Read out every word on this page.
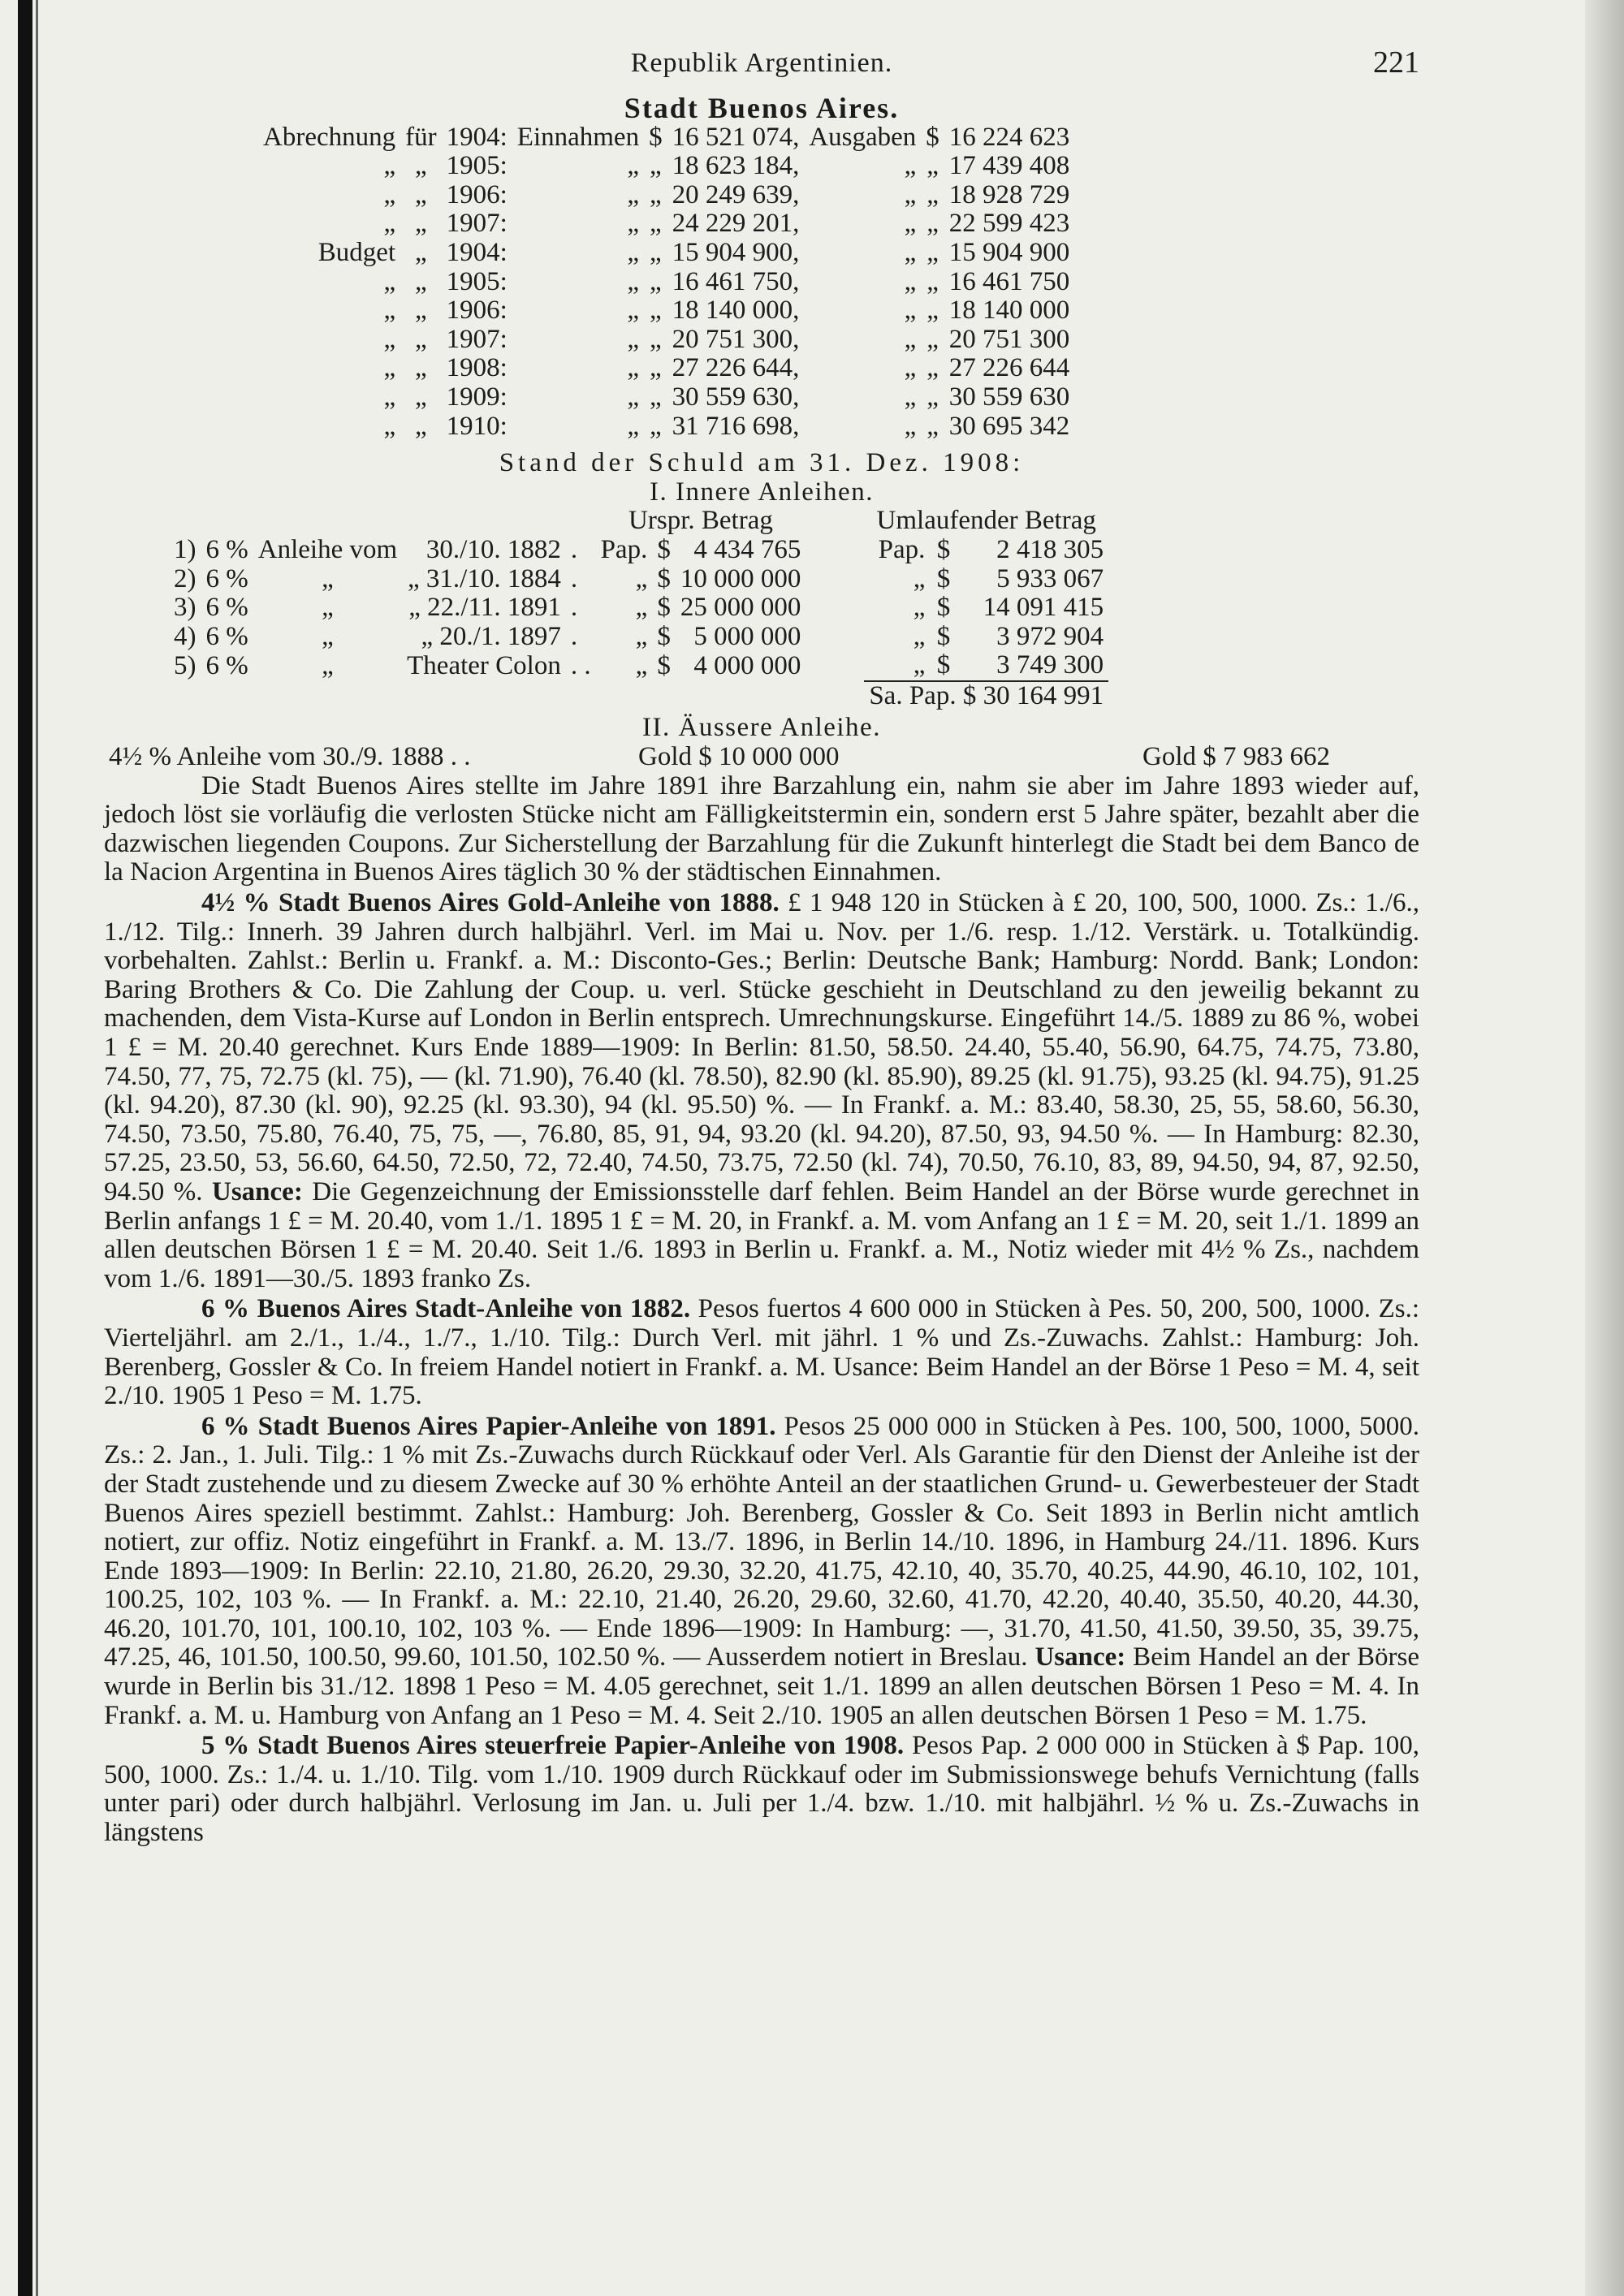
Republik Argentinien.	221
Stadt Buenos Aires.
Abrechnung	für	1904:	Einnahmen	$	16 521 074,	Ausgaben	$	16 224 623
„	„	1905:	„	„	18 623 184,	„	„	17 439 408
„	„	1906:	„	„	20 249 639,	„	„	18 928 729
„	„	1907:	„	„	24 229 201,	„	„	22 599 423
Budget	„	1904:	„	„	15 904 900,	„	„	15 904 900
„	„	1905:	„	„	16 461 750,	„	„	16 461 750
„	„	1906:	„	„	18 140 000,	„	„	18 140 000
„	„	1907:	„	„	20 751 300,	„	„	20 751 300
„	„	1908:	„	„	27 226 644,	„	„	27 226 644
„	„	1909:	„	„	30 559 630,	„	„	30 559 630
„	„	1910:	„	„	31 716 698,	„	„	30 695 342
Stand der Schuld am 31. Dez. 1908:
I. Innere Anleihen.
					Urspr. Betrag				Umlaufender Betrag		
1)	6 %	Anleihe vom	30./10. 1882	.	Pap.	$	4 434 765		Pap.	$	2 418 305
2)	6 %	„	„ 31./10. 1884	.	„	$	10 000 000		„	$	5 933 067
3)	6 %	„	„ 22./11. 1891	.	„	$	25 000 000		„	$	14 091 415
4)	6 %	„	„ 20./1. 1897	.	„	$	5 000 000		„	$	3 972 904
5)	6 %	„	Theater Colon	. .	„	$	4 000 000		„	$	3 749 300
									Sa. Pap. $ 30 164 991		
II. Äussere Anleihe.
4½ % Anleihe vom 30./9. 1888 . .	Gold $ 10 000 000	Gold $ 7 983 662

Die Stadt Buenos Aires stellte im Jahre 1891 ihre Barzahlung ein, nahm sie aber im Jahre 1893 wieder auf, jedoch löst sie vorläufig die verlosten Stücke nicht am Fälligkeitstermin ein, sondern erst 5 Jahre später, bezahlt aber die dazwischen liegenden Coupons. Zur Sicherstellung der Barzahlung für die Zukunft hinterlegt die Stadt bei dem Banco de la Nacion Argentina in Buenos Aires täglich 30 % der städtischen Einnahmen.

4½ % Stadt Buenos Aires Gold-Anleihe von 1888. £ 1 948 120 in Stücken à £ 20, 100, 500, 1000. Zs.: 1./6., 1./12. Tilg.: Innerh. 39 Jahren durch halbjährl. Verl. im Mai u. Nov. per 1./6. resp. 1./12. Verstärk. u. Totalkündig. vorbehalten. Zahlst.: Berlin u. Frankf. a. M.: Disconto-Ges.; Berlin: Deutsche Bank; Hamburg: Nordd. Bank; London: Baring Brothers & Co. Die Zahlung der Coup. u. verl. Stücke geschieht in Deutschland zu den jeweilig bekannt zu machenden, dem Vista-Kurse auf London in Berlin entsprech. Umrechnungskurse. Eingeführt 14./5. 1889 zu 86 %, wobei 1 £ = M. 20.40 gerechnet. Kurs Ende 1889—1909: In Berlin: 81.50, 58.50. 24.40, 55.40, 56.90, 64.75, 74.75, 73.80, 74.50, 77, 75, 72.75 (kl. 75), — (kl. 71.90), 76.40 (kl. 78.50), 82.90 (kl. 85.90), 89.25 (kl. 91.75), 93.25 (kl. 94.75), 91.25 (kl. 94.20), 87.30 (kl. 90), 92.25 (kl. 93.30), 94 (kl. 95.50) %. — In Frankf. a. M.: 83.40, 58.30, 25, 55, 58.60, 56.30, 74.50, 73.50, 75.80, 76.40, 75, 75, —, 76.80, 85, 91, 94, 93.20 (kl. 94.20), 87.50, 93, 94.50 %. — In Hamburg: 82.30, 57.25, 23.50, 53, 56.60, 64.50, 72.50, 72, 72.40, 74.50, 73.75, 72.50 (kl. 74), 70.50, 76.10, 83, 89, 94.50, 94, 87, 92.50, 94.50 %. Usance: Die Gegenzeichnung der Emissionsstelle darf fehlen. Beim Handel an der Börse wurde gerechnet in Berlin anfangs 1 £ = M. 20.40, vom 1./1. 1895 1 £ = M. 20, in Frankf. a. M. vom Anfang an 1 £ = M. 20, seit 1./1. 1899 an allen deutschen Börsen 1 £ = M. 20.40. Seit 1./6. 1893 in Berlin u. Frankf. a. M., Notiz wieder mit 4½ % Zs., nachdem vom 1./6. 1891—30./5. 1893 franko Zs.

6 % Buenos Aires Stadt-Anleihe von 1882. Pesos fuertos 4 600 000 in Stücken à Pes. 50, 200, 500, 1000. Zs.: Vierteljährl. am 2./1., 1./4., 1./7., 1./10. Tilg.: Durch Verl. mit jährl. 1 % und Zs.-Zuwachs. Zahlst.: Hamburg: Joh. Berenberg, Gossler & Co. In freiem Handel notiert in Frankf. a. M. Usance: Beim Handel an der Börse 1 Peso = M. 4, seit 2./10. 1905 1 Peso = M. 1.75.

6 % Stadt Buenos Aires Papier-Anleihe von 1891. Pesos 25 000 000 in Stücken à Pes. 100, 500, 1000, 5000. Zs.: 2. Jan., 1. Juli. Tilg.: 1 % mit Zs.-Zuwachs durch Rückkauf oder Verl. Als Garantie für den Dienst der Anleihe ist der der Stadt zustehende und zu diesem Zwecke auf 30 % erhöhte Anteil an der staatlichen Grund- u. Gewerbesteuer der Stadt Buenos Aires speziell bestimmt. Zahlst.: Hamburg: Joh. Berenberg, Gossler & Co. Seit 1893 in Berlin nicht amtlich notiert, zur offiz. Notiz eingeführt in Frankf. a. M. 13./7. 1896, in Berlin 14./10. 1896, in Hamburg 24./11. 1896. Kurs Ende 1893—1909: In Berlin: 22.10, 21.80, 26.20, 29.30, 32.20, 41.75, 42.10, 40, 35.70, 40.25, 44.90, 46.10, 102, 101, 100.25, 102, 103 %. — In Frankf. a. M.: 22.10, 21.40, 26.20, 29.60, 32.60, 41.70, 42.20, 40.40, 35.50, 40.20, 44.30, 46.20, 101.70, 101, 100.10, 102, 103 %. — Ende 1896—1909: In Hamburg: —, 31.70, 41.50, 41.50, 39.50, 35, 39.75, 47.25, 46, 101.50, 100.50, 99.60, 101.50, 102.50 %. — Ausserdem notiert in Breslau. Usance: Beim Handel an der Börse wurde in Berlin bis 31./12. 1898 1 Peso = M. 4.05 gerechnet, seit 1./1. 1899 an allen deutschen Börsen 1 Peso = M. 4. In Frankf. a. M. u. Hamburg von Anfang an 1 Peso = M. 4. Seit 2./10. 1905 an allen deutschen Börsen 1 Peso = M. 1.75.

5 % Stadt Buenos Aires steuerfreie Papier-Anleihe von 1908. Pesos Pap. 2 000 000 in Stücken à $ Pap. 100, 500, 1000. Zs.: 1./4. u. 1./10. Tilg. vom 1./10. 1909 durch Rückkauf oder im Submissionswege behufs Vernichtung (falls unter pari) oder durch halbjährl. Verlosung im Jan. u. Juli per 1./4. bzw. 1./10. mit halbjährl. ½ % u. Zs.-Zuwachs in längstens
